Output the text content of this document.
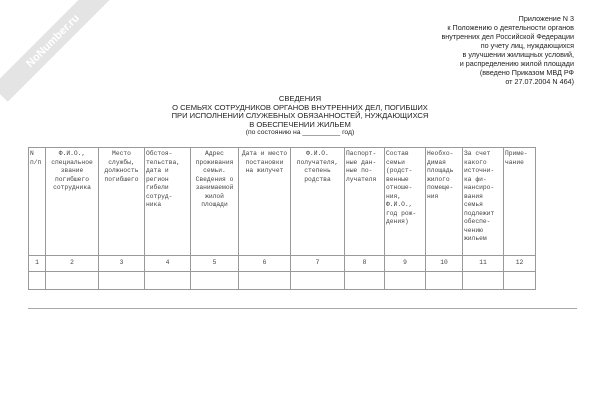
NoNumber.ru	Приложение N 3
к Положению о деятельности органов
внутренних дел Российской Федерации
по учету лиц, нуждающихся
в улучшении жилищных условий,
и распределению жилой площади
(введено Приказом МВД РФ
от 27.07.2004 N 464)
СВЕДЕНИЯ
О СЕМЬЯХ СОТРУДНИКОВ ОРГАНОВ ВНУТРЕННИХ ДЕЛ, ПОГИБШИХ
ПРИ ИСПОЛНЕНИИ СЛУЖЕБНЫХ ОБЯЗАННОСТЕЙ, НУЖДАЮЩИХСЯ
В ОБЕСПЕЧЕНИИ ЖИЛЬЕМ
(по состоянию на __________ год)
N п/п	Ф.И.О., специальное звание погибшего сотрудника	Место службы, должность погибшего	Обстоя- тельства, дата и регион гибели сотруд- ника	Адрес проживания семьи. Сведения о занимаемой жилой площади	Дата и место постановки на жилучет	Ф.И.О. получателя, степень родства	Паспорт- ные дан- ные по- лучателя	Состав семьи (родст- венные отноше- ния, Ф.И.О., год рож- дения)	Необхо- димая площадь жилого помеще- ния	За счет какого источни- ка фи- нансиро- вания семья подлежит обеспе- чению жильем	Приме- чание
1	2	3	4	5	6	7	8	9	10	11	12
